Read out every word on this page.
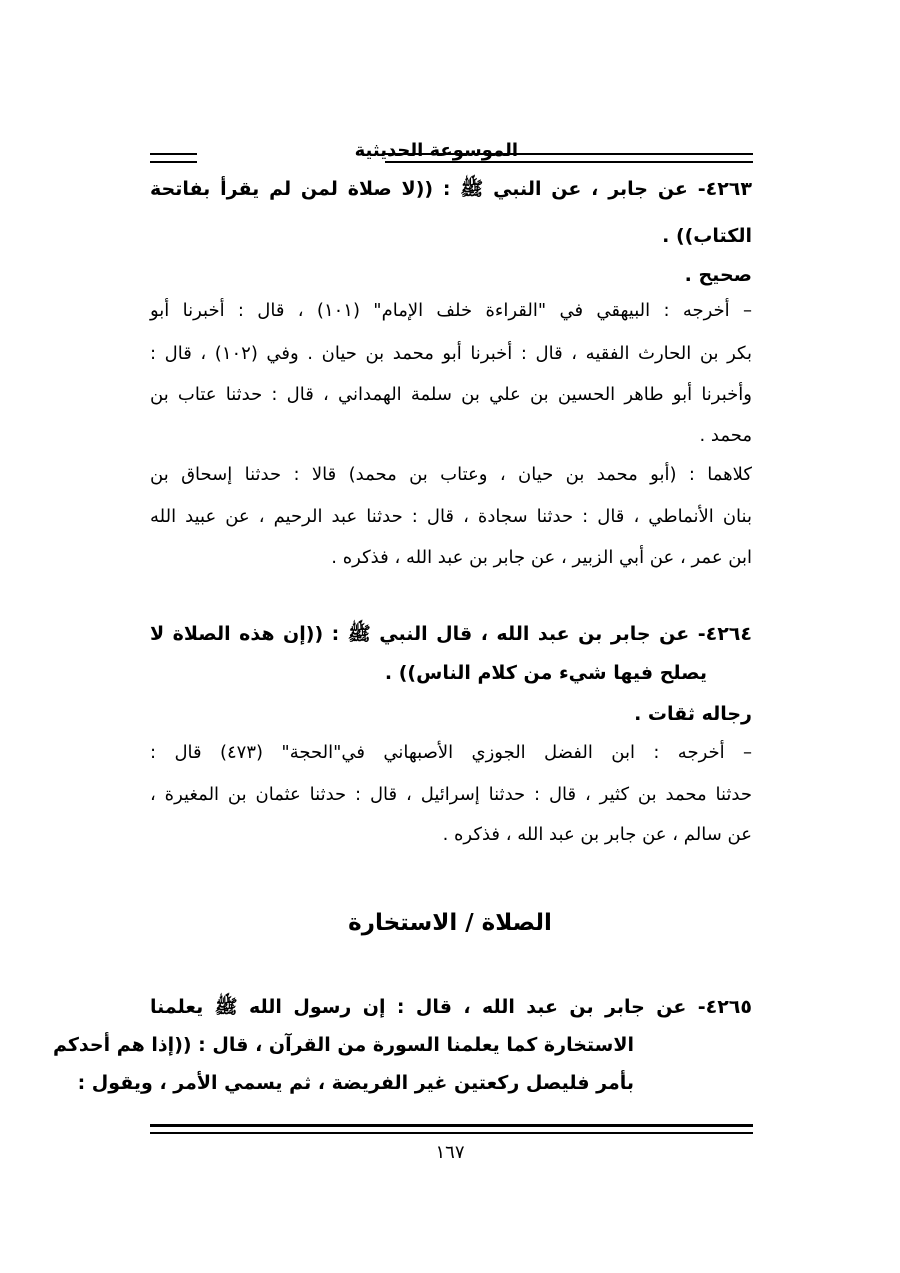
الموسوعة الحديثية
٤٢٦٣- عن جابر ، عن النبي ﷺ : ((لا صلاة لمن لم يقرأ بفاتحة
الكتاب)) .
صحيح .
– أخرجه : البيهقي في "القراءة خلف الإمام" (١٠١) ، قال : أخبرنا أبو
بكر بن الحارث الفقيه ، قال : أخبرنا أبو محمد بن حيان . وفي (١٠٢) ، قال :
وأخبرنا أبو طاهر الحسين بن علي بن سلمة الهمداني ، قال : حدثنا عتاب بن
محمد .
كلاهما : (أبو محمد بن حيان ، وعتاب بن محمد) قالا : حدثنا إسحاق بن
بنان الأنماطي ، قال : حدثنا سجادة ، قال : حدثنا عبد الرحيم ، عن عبيد الله
ابن عمر ، عن أبي الزبير ، عن جابر بن عبد الله ، فذكره .
٤٢٦٤- عن جابر بن عبد الله ، قال النبي ﷺ : ((إن هذه الصلاة لا
يصلح فيها شيء من كلام الناس)) .
رجاله ثقات .
– أخرجه : ابن الفضل الجوزي الأصبهاني في"الحجة" (٤٧٣) قال :
حدثنا محمد بن كثير ، قال : حدثنا إسرائيل ، قال : حدثنا عثمان بن المغيرة ،
عن سالم ، عن جابر بن عبد الله ، فذكره .
الصلاة / الاستخارة
٤٢٦٥- عن جابر بن عبد الله ، قال : إن رسول الله ﷺ يعلمنا
الاستخارة كما يعلمنا السورة من القرآن ، قال : ((إذا هم أحدكم
بأمر فليصل ركعتين غير الفريضة ، ثم يسمي الأمر ، ويقول :
١٦٧
